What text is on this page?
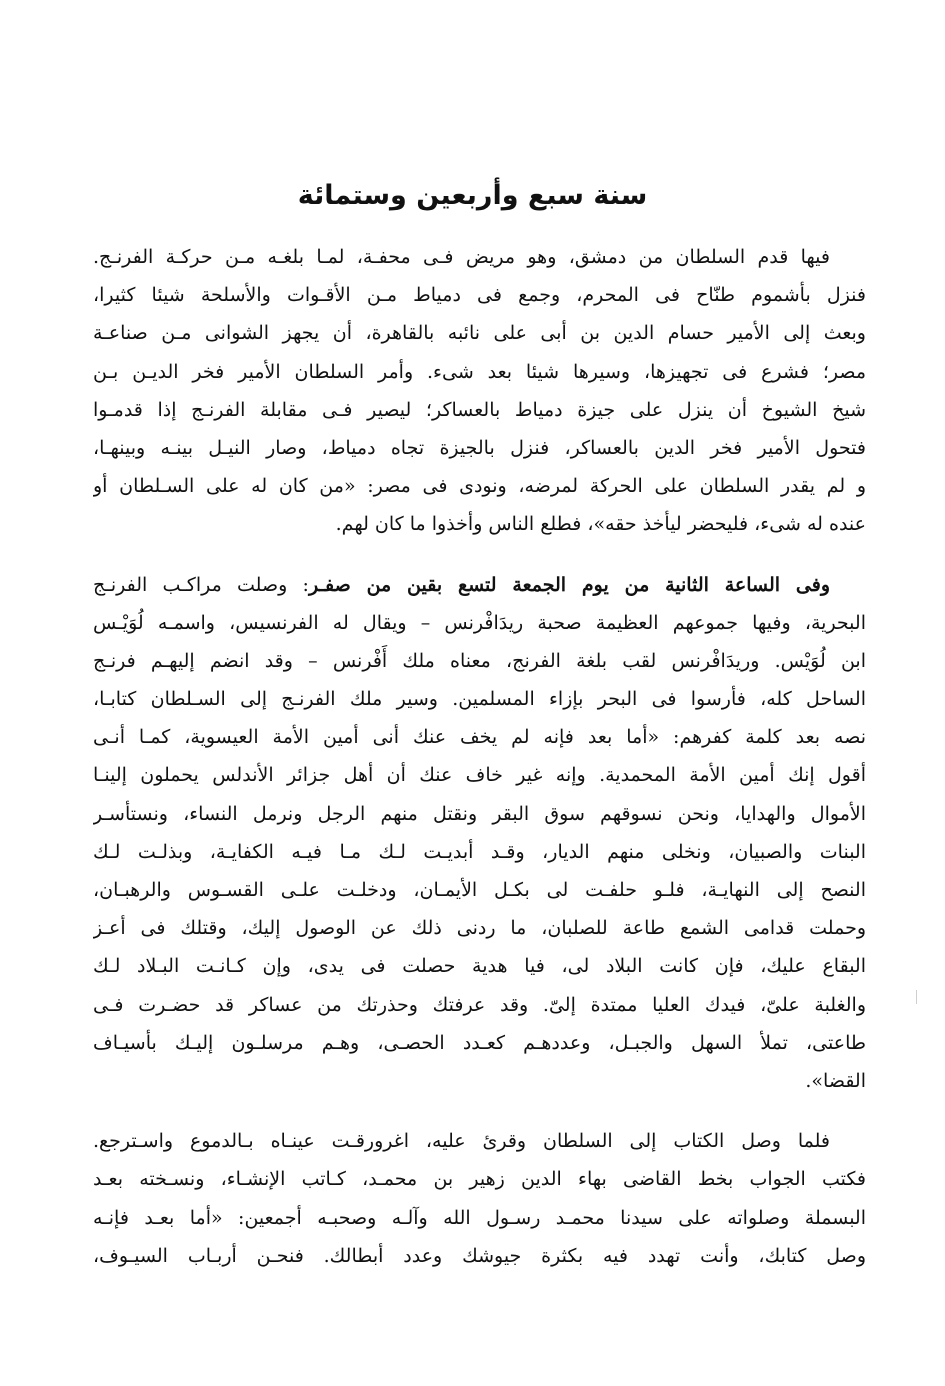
سنة سبع وأربعين وستمائة
فيها قدم السلطان من دمشق، وهو مريض فـى محفـة، لمـا بلغـه مـن حركـة الفرنـج.
فنزل بأشموم طنّاح فى المحرم، وجمع فى دمياط مـن الأقـوات والأسلحة شيئا كثيرا،
وبعث إلى الأمير حسام الدين بن أبى على نائبه بالقاهرة، أن يجهز الشوانى مـن صناعـة
مصر؛ فشرع فى تجهيزها، وسيرها شيئا بعد شىء. وأمر السلطان الأمير فخر الديـن بـن
شيخ الشيوخ أن ينزل على جيزة دمياط بالعساكر؛ ليصير فـى مقابلة الفرنـج إذا قدمـوا
فتحول الأمير فخر الدين بالعساكر، فنزل بالجيزة تجاه دمياط، وصار النيـل بينـه وبينهـا،
و لم يقدر السلطان على الحركة لمرضه، ونودى فى مصر: «من كان له على السـلطان أو
عنده له شىء، فليحضر ليأخذ حقه»، فطلع الناس وأخذوا ما كان لهم.
وفى الساعة الثانية من يوم الجمعة لتسع بقين من صفـر: وصلت مراكـب الفرنـج
البحرية، وفيها جموعهم العظيمة صحبة ريدَافْرنس – ويقال له الفرنسيس، واسمـه لُوَيْـس
ابن لُوَيْس. وريدَافْرنس لقب بلغة الفرنج، معناه ملك أَفْرنس – وقد انضم إليهـم فرنـج
الساحل كله، فأرسوا فى البحر بإزاء المسلمين. وسير ملك الفرنـج إلى السـلطان كتابـا،
نصه بعد كلمة كفرهم: «أما بعد فإنه لم يخف عنك أنى أمين الأمة العيسوية، كمـا أنـى
أقول إنك أمين الأمة المحمدية. وإنه غير خاف عنك أن أهل جزائر الأندلس يحملون إلينـا
الأموال والهدايا، ونحن نسوقهم سوق البقر ونقتل منهم الرجل ونرمل النساء، ونستأسـر
البنات والصبيان، ونخلى منهم الديار، وقـد أبديـت لـك مـا فيـه الكفايـة، وبذلـت لـك
النصح إلى النهايـة، فلـو حلفـت لى بكـل الأيمـان، ودخلـت علـى القسـوس والرهبـان،
وحملت قدامى الشمع طاعة للصلبان، ما ردنى ذلك عن الوصول إليك، وقتلك فى أعـز
البقاع عليك، فإن كانت البلاد لى، فيا هدية حصلت فى يدى، وإن كـانـت البـلاد لـك
والغلبة علىّ، فيدك العليا ممتدة إلىّ. وقد عرفتك وحذرتك من عساكر قد حضـرت فـى
طاعتى، تملأ السهل والجبـل، وعددهـم كعـدد الحصـى، وهـم مرسلـون إليـك بأسيـاف
القضا».
فلما وصل الكتاب إلى السلطان وقرئ عليه، اغرورقـت عينـاه بـالدموع واسـترجع.
فكتب الجواب بخط القاضى بهاء الدين زهير بن محمـد، كـاتب الإنشـاء، ونسـخته بعـد
البسملة وصلواته على سيدنا محمـد رسـول الله وآلـه وصحبـه أجمعين: «أما بعـد فإنـه
وصل كتابك، وأنت تهدد فيه بكثرة جيوشك وعدد أبطالك. فنحـن أربـاب السيـوف،
